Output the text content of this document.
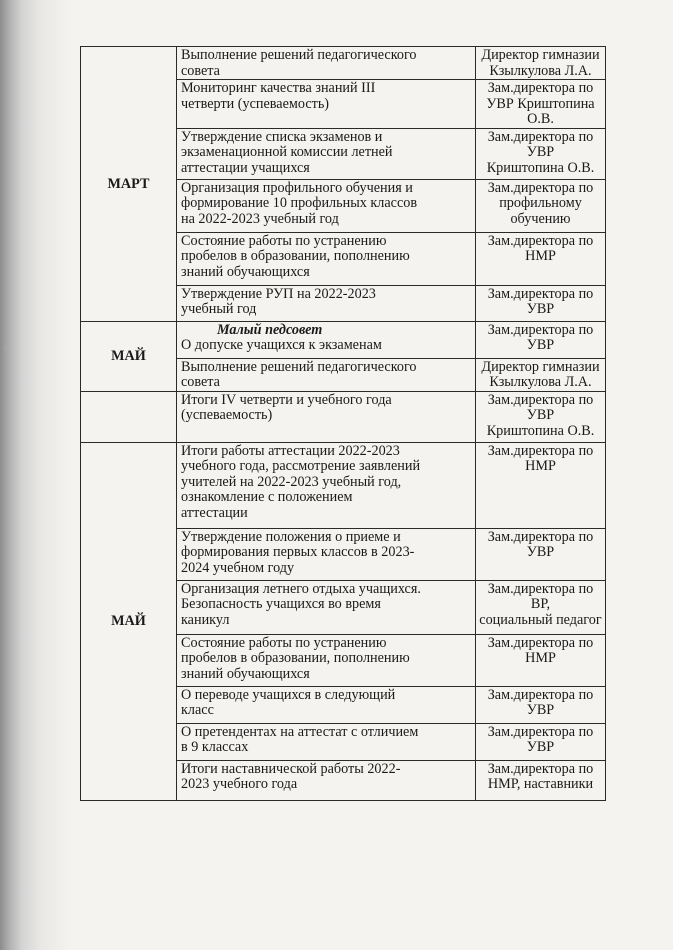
ю
МАРТ	Выполнение решений педагогического
совета	Директор гимназии
Кзылкулова Л.А.

	Мониторинг качества знаний III
четверти (успеваемость)	Зам.директора по
УВР Криштопина
О.В.

	Утверждение списка экзаменов и
экзаменационной комиссии летней
аттестации учащихся	Зам.директора по
УВР
Криштопина О.В.

	Организация профильного обучения и
формирование 10 профильных классов
на 2022-2023 учебный год	Зам.директора по
профильному
обучению

	Состояние работы по устранению
пробелов в образовании, пополнению
знаний обучающихся	Зам.директора по
НМР

	Утверждение РУП на 2022-2023
учебный год	Зам.директора по
УВР

МАЙ	Малый педсовет
О допуске учащихся к экзаменам	Зам.директора по
УВР

	Выполнение решений педагогического
совета	Директор гимназии
Кзылкулова Л.А.

	Итоги IV четверти и учебного года
(успеваемость)	Зам.директора по
УВР
Криштопина О.В.

МАЙ	Итоги работы аттестации 2022-2023
учебного года, рассмотрение заявлений
учителей на 2022-2023 учебный год,
ознакомление с положением
аттестации	Зам.директора по
НМР

	Утверждение положения о приеме и
формирования первых классов в 2023-
2024 учебном году	Зам.директора по
УВР

	Организация летнего отдыха учащихся.
Безопасность учащихся во время
каникул	Зам.директора по ВР,
социальный педагог

	Состояние работы по устранению
пробелов в образовании, пополнению
знаний обучающихся	Зам.директора по
НМР

	О переводе учащихся в следующий
класс	Зам.директора по
УВР

	О претендентах на аттестат с отличием
в 9 классах	Зам.директора по
УВР

	Итоги наставнической работы 2022-
2023 учебного года	Зам.директора по
НМР, наставники
